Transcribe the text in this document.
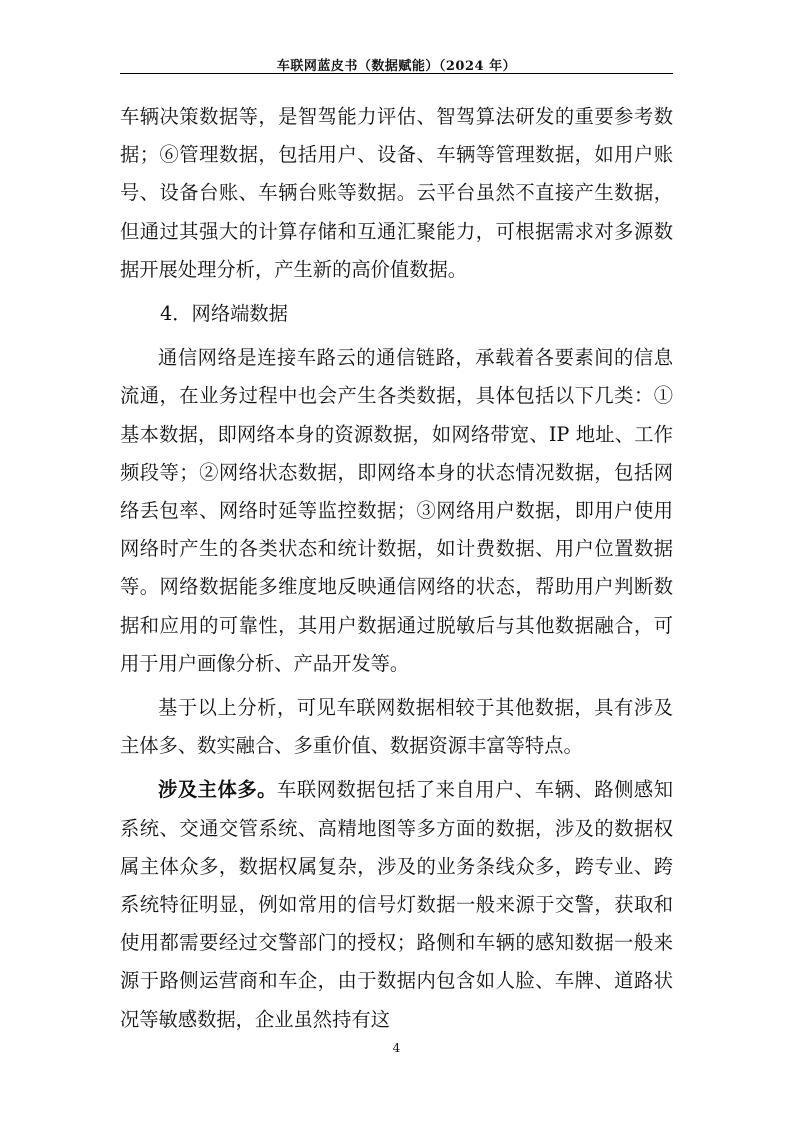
车联网蓝皮书（数据赋能）（2024 年）

车辆决策数据等，是智驾能力评估、智驾算法研发的重要参考数据；⑥管理数据，包括用户、设备、车辆等管理数据，如用户账号、设备台账、车辆台账等数据。云平台虽然不直接产生数据，但通过其强大的计算存储和互通汇聚能力，可根据需求对多源数据开展处理分析，产生新的高价值数据。

4．网络端数据

通信网络是连接车路云的通信链路，承载着各要素间的信息流通，在业务过程中也会产生各类数据，具体包括以下几类：①基本数据，即网络本身的资源数据，如网络带宽、IP 地址、工作频段等；②网络状态数据，即网络本身的状态情况数据，包括网络丢包率、网络时延等监控数据；③网络用户数据，即用户使用网络时产生的各类状态和统计数据，如计费数据、用户位置数据等。网络数据能多维度地反映通信网络的状态，帮助用户判断数据和应用的可靠性，其用户数据通过脱敏后与其他数据融合，可用于用户画像分析、产品开发等。

基于以上分析，可见车联网数据相较于其他数据，具有涉及主体多、数实融合、多重价值、数据资源丰富等特点。

涉及主体多。车联网数据包括了来自用户、车辆、路侧感知系统、交通交管系统、高精地图等多方面的数据，涉及的数据权属主体众多，数据权属复杂，涉及的业务条线众多，跨专业、跨系统特征明显，例如常用的信号灯数据一般来源于交警，获取和使用都需要经过交警部门的授权；路侧和车辆的感知数据一般来源于路侧运营商和车企，由于数据内包含如人脸、车牌、道路状况等敏感数据，企业虽然持有这

4
